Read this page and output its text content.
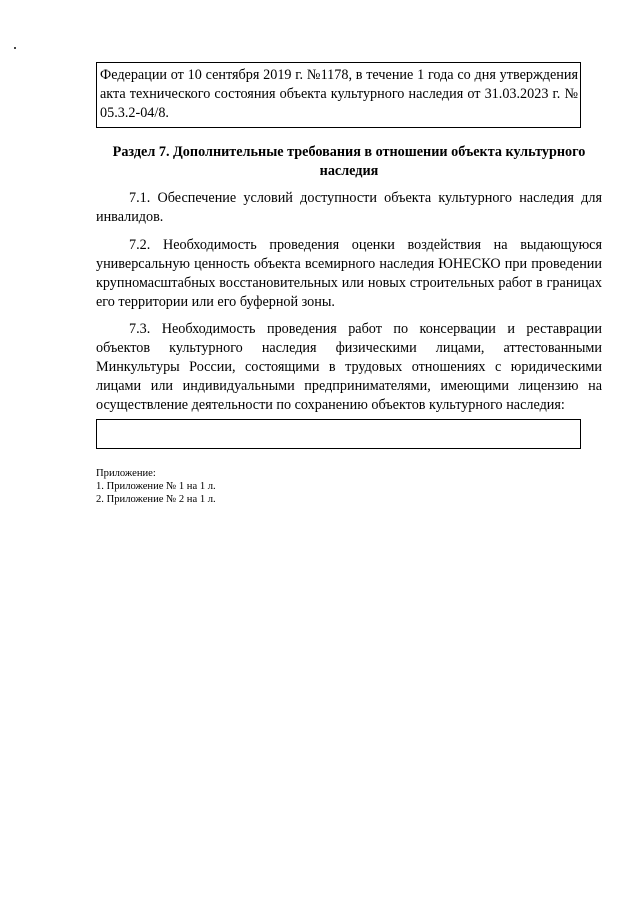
Федерации от 10 сентября 2019 г. №1178, в течение 1 года со дня утверждения акта технического состояния объекта культурного наследия от 31.03.2023 г. № 05.3.2-04/8.
Раздел 7. Дополнительные требования в отношении объекта культурного наследия
7.1. Обеспечение условий доступности объекта культурного наследия для инвалидов.
7.2. Необходимость проведения оценки воздействия на выдающуюся универсальную ценность объекта всемирного наследия ЮНЕСКО при проведении крупномасштабных восстановительных или новых строительных работ в границах его территории или его буферной зоны.
7.3. Необходимость проведения работ по консервации и реставрации объектов культурного наследия физическими лицами, аттестованными Минкультуры России, состоящими в трудовых отношениях с юридическими лицами или индивидуальными предпринимателями, имеющими лицензию на осуществление деятельности по сохранению объектов культурного наследия:
Приложение:
1. Приложение № 1 на 1 л.
2. Приложение № 2 на 1 л.
